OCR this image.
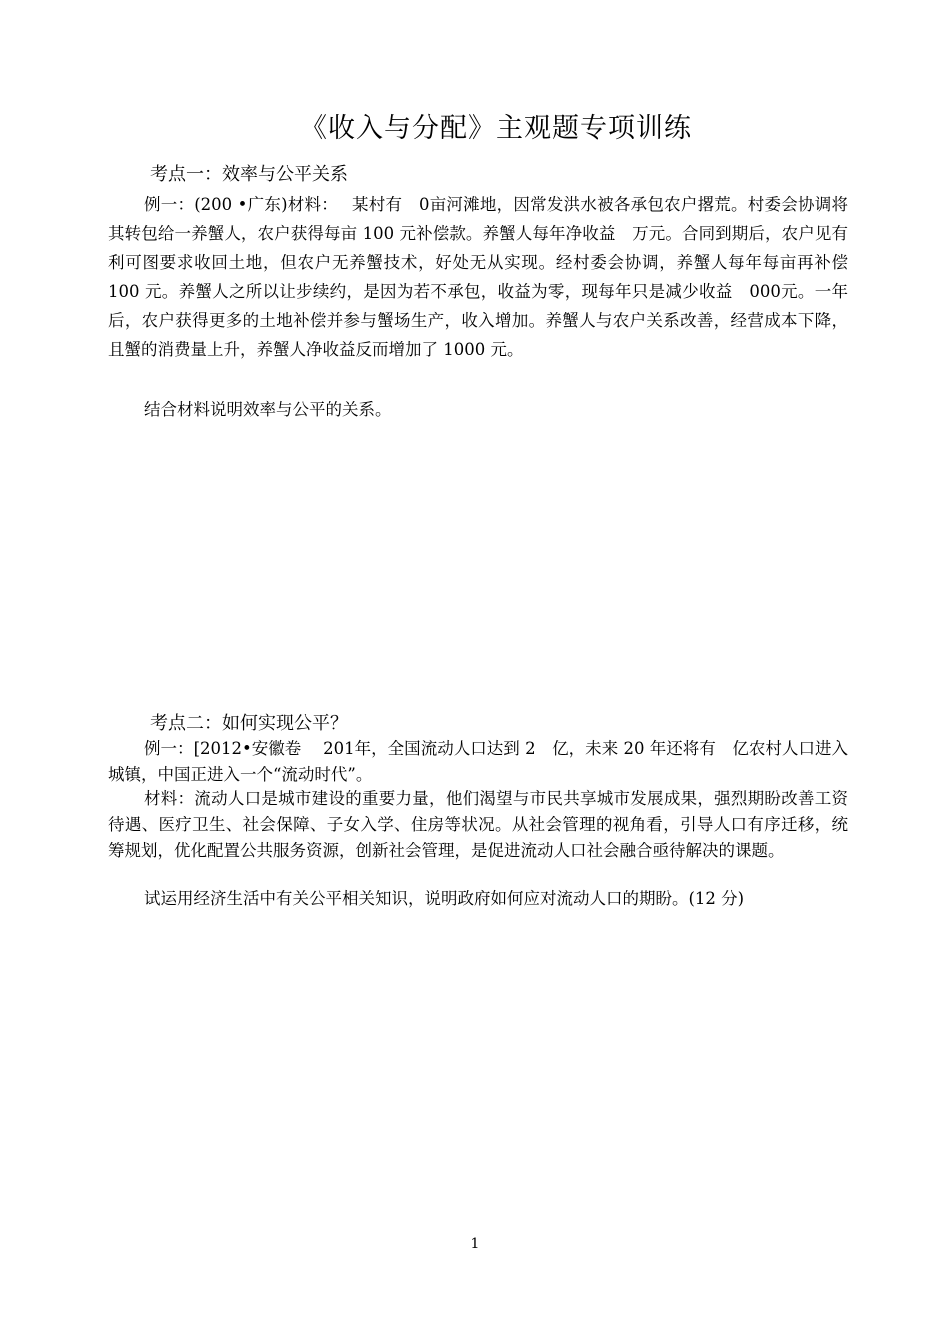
《收入与分配》主观题专项训练
考点一：效率与公平关系

例一：(200 •广东)材料：　 某村有　0亩河滩地，因常发洪水被各承包农户撂荒。村委会协调将其转包给一养蟹人，农户获得每亩 100 元补偿款。养蟹人每年净收益　万元。合同到期后，农户见有利可图要求收回土地，但农户无养蟹技术，好处无从实现。经村委会协调，养蟹人每年每亩再补偿 100 元。养蟹人之所以让步续约，是因为若不承包，收益为零，现每年只是减少收益　000元。一年后，农户获得更多的土地补偿并参与蟹场生产，收入增加。养蟹人与农户关系改善，经营成本下降，且蟹的消费量上升，养蟹人净收益反而增加了 1000 元。

结合材料说明效率与公平的关系。

考点二：如何实现公平？

例一：[2012•安徽卷　 201年，全国流动人口达到 2　亿，未来 20 年还将有　亿农村人口进入城镇，中国正进入一个“流动时代”。

材料：流动人口是城市建设的重要力量，他们渴望与市民共享城市发展成果，强烈期盼改善工资待遇、医疗卫生、社会保障、子女入学、住房等状况。从社会管理的视角看，引导人口有序迁移，统筹规划，优化配置公共服务资源，创新社会管理，是促进流动人口社会融合亟待解决的课题。

试运用经济生活中有关公平相关知识，说明政府如何应对流动人口的期盼。(12 分)

1
